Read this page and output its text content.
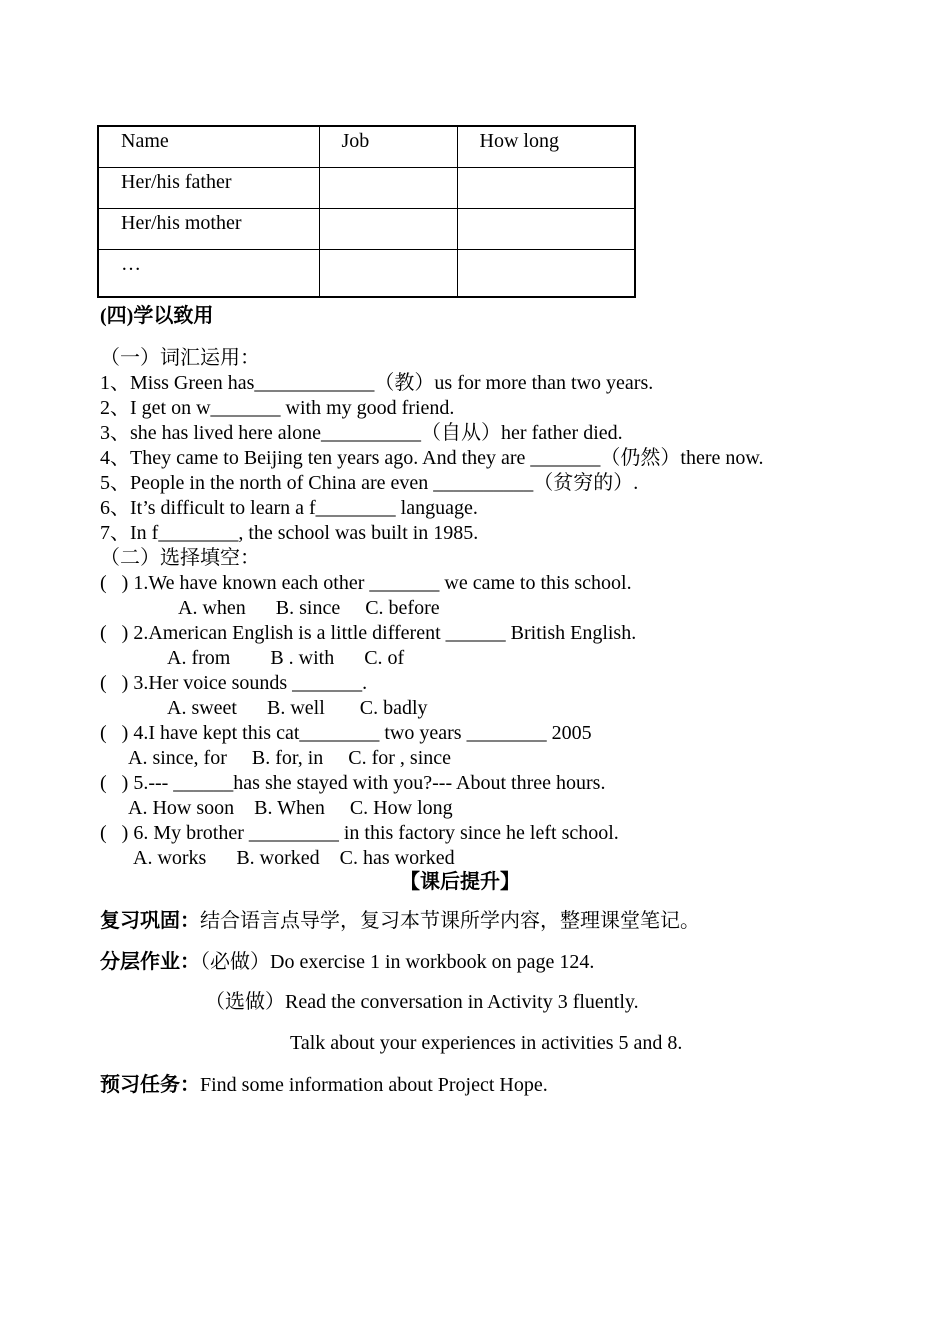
Name	Job	How long
Her/his father		
Her/his mother		
…		
(四)学以致用
（一）词汇运用：
1、Miss Green has____________（教）us for more than two years.
2、I get on w_______ with my good friend.
3、she has lived here alone__________（自从）her father died.
4、They came to Beijing ten years ago. And they are _______（仍然）there now.
5、People in the north of China are even __________（贫穷的）.
6、It’s difficult to learn a f________ language.
7、In f________, the school was built in 1985.
（二）选择填空：
(   ) 1.We have known each other _______ we came to this school.
A. when      B. since     C. before
(   ) 2.American English is a little different ______ British English.
A. from        B . with      C. of
(   ) 3.Her voice sounds _______.
A. sweet      B. well       C. badly
(   ) 4.I have kept this cat________ two years ________ 2005
A. since, for     B. for, in     C. for , since
(   ) 5.--- ______has she stayed with you?--- About three hours.
A. How soon    B. When     C. How long
(   ) 6. My brother _________ in this factory since he left school.
A. works      B. worked    C. has worked
【课后提升】
复习巩固：结合语言点导学，复习本节课所学内容，整理课堂笔记。
分层作业：（必做）Do exercise 1 in workbook on page 124.
（选做）Read the conversation in Activity 3 fluently.
Talk about your experiences in activities 5 and 8.
预习任务：Find some information about Project Hope.
